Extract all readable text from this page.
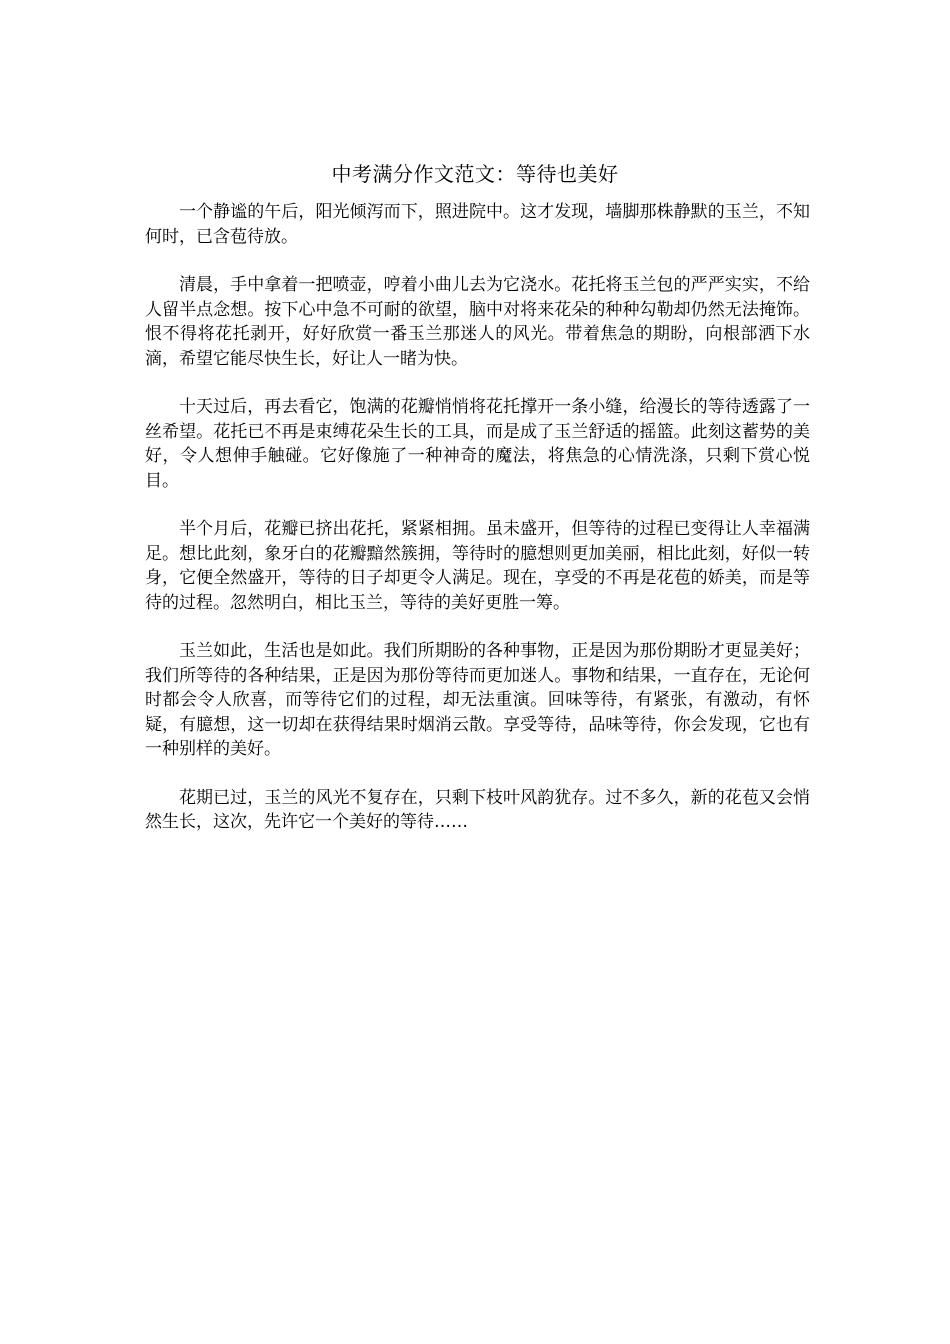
中考满分作文范文：等待也美好

一个静谧的午后，阳光倾泻而下，照进院中。这才发现，墙脚那株静默的玉兰，不知何时，已含苞待放。

清晨，手中拿着一把喷壶，哼着小曲儿去为它浇水。花托将玉兰包的严严实实，不给人留半点念想。按下心中急不可耐的欲望，脑中对将来花朵的种种勾勒却仍然无法掩饰。恨不得将花托剥开，好好欣赏一番玉兰那迷人的风光。带着焦急的期盼，向根部洒下水滴，希望它能尽快生长，好让人一睹为快。

十天过后，再去看它，饱满的花瓣悄悄将花托撑开一条小缝，给漫长的等待透露了一丝希望。花托已不再是束缚花朵生长的工具，而是成了玉兰舒适的摇篮。此刻这蓄势的美好，令人想伸手触碰。它好像施了一种神奇的魔法，将焦急的心情洗涤，只剩下赏心悦目。

半个月后，花瓣已挤出花托，紧紧相拥。虽未盛开，但等待的过程已变得让人幸福满足。想比此刻，象牙白的花瓣黯然簇拥，等待时的臆想则更加美丽，相比此刻，好似一转身，它便全然盛开，等待的日子却更令人满足。现在，享受的不再是花苞的娇美，而是等待的过程。忽然明白，相比玉兰，等待的美好更胜一筹。

玉兰如此，生活也是如此。我们所期盼的各种事物，正是因为那份期盼才更显美好；我们所等待的各种结果，正是因为那份等待而更加迷人。事物和结果，一直存在，无论何时都会令人欣喜，而等待它们的过程，却无法重演。回味等待，有紧张，有激动，有怀疑，有臆想，这一切却在获得结果时烟消云散。享受等待，品味等待，你会发现，它也有一种别样的美好。

花期已过，玉兰的风光不复存在，只剩下枝叶风韵犹存。过不多久，新的花苞又会悄然生长，这次，先许它一个美好的等待……
